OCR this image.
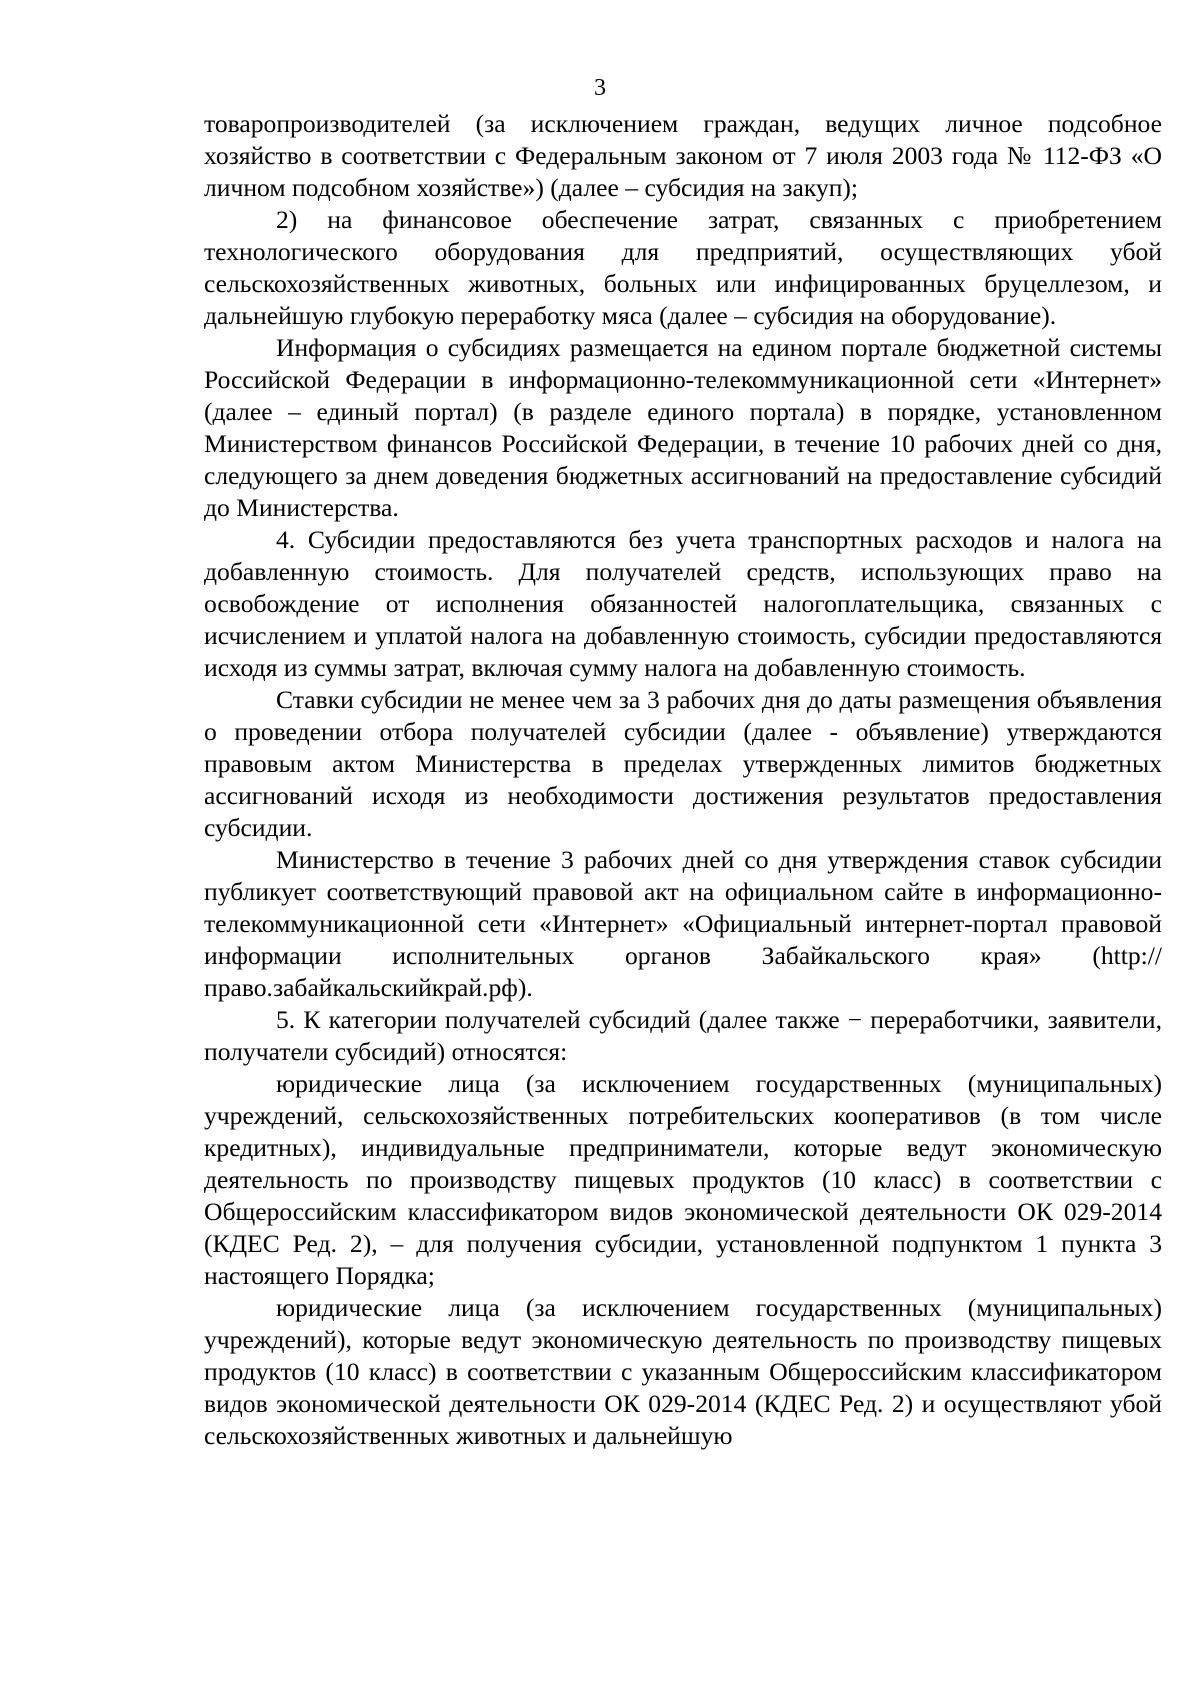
3

товаропроизводителей (за исключением граждан, ведущих личное подсобное хозяйство в соответствии с Федеральным законом от 7 июля 2003 года № 112-ФЗ «О личном подсобном хозяйстве») (далее – субсидия на закуп);

2) на финансовое обеспечение затрат, связанных с приобретением технологического оборудования для предприятий, осуществляющих убой сельскохозяйственных животных, больных или инфицированных бруцеллезом, и дальнейшую глубокую переработку мяса (далее – субсидия на оборудование).

Информация о субсидиях размещается на едином портале бюджетной системы Российской Федерации в информационно-телекоммуникационной сети «Интернет» (далее – единый портал) (в разделе единого портала) в порядке, установленном Министерством финансов Российской Федерации, в течение 10 рабочих дней со дня, следующего за днем доведения бюджетных ассигнований на предоставление субсидий до Министерства.

4. Субсидии предоставляются без учета транспортных расходов и налога на добавленную стоимость. Для получателей средств, использующих право на освобождение от исполнения обязанностей налогоплательщика, связанных с исчислением и уплатой налога на добавленную стоимость, субсидии предоставляются исходя из суммы затрат, включая сумму налога на добавленную стоимость.

Ставки субсидии не менее чем за 3 рабочих дня до даты размещения объявления о проведении отбора получателей субсидии (далее - объявление) утверждаются правовым актом Министерства в пределах утвержденных лимитов бюджетных ассигнований исходя из необходимости достижения результатов предоставления субсидии.

Министерство в течение 3 рабочих дней со дня утверждения ставок субсидии публикует соответствующий правовой акт на официальном сайте в информационно-телекоммуникационной сети «Интернет» «Официальный интернет-портал правовой информации исполнительных органов Забайкальского края» (http://право.забайкальскийкрай.рф).

5. К категории получателей субсидий (далее также − переработчики, заявители, получатели субсидий) относятся:

юридические лица (за исключением государственных (муниципальных) учреждений, сельскохозяйственных потребительских кооперативов (в том числе кредитных), индивидуальные предприниматели, которые ведут экономическую деятельность по производству пищевых продуктов (10 класс) в соответствии с Общероссийским классификатором видов экономической деятельности ОК 029-2014 (КДЕС Ред. 2), – для получения субсидии, установленной подпунктом 1 пункта 3 настоящего Порядка;

юридические лица (за исключением государственных (муниципальных) учреждений), которые ведут экономическую деятельность по производству пищевых продуктов (10 класс) в соответствии с указанным Общероссийским классификатором видов экономической деятельности ОК 029-2014 (КДЕС Ред. 2) и осуществляют убой сельскохозяйственных животных и дальнейшую
